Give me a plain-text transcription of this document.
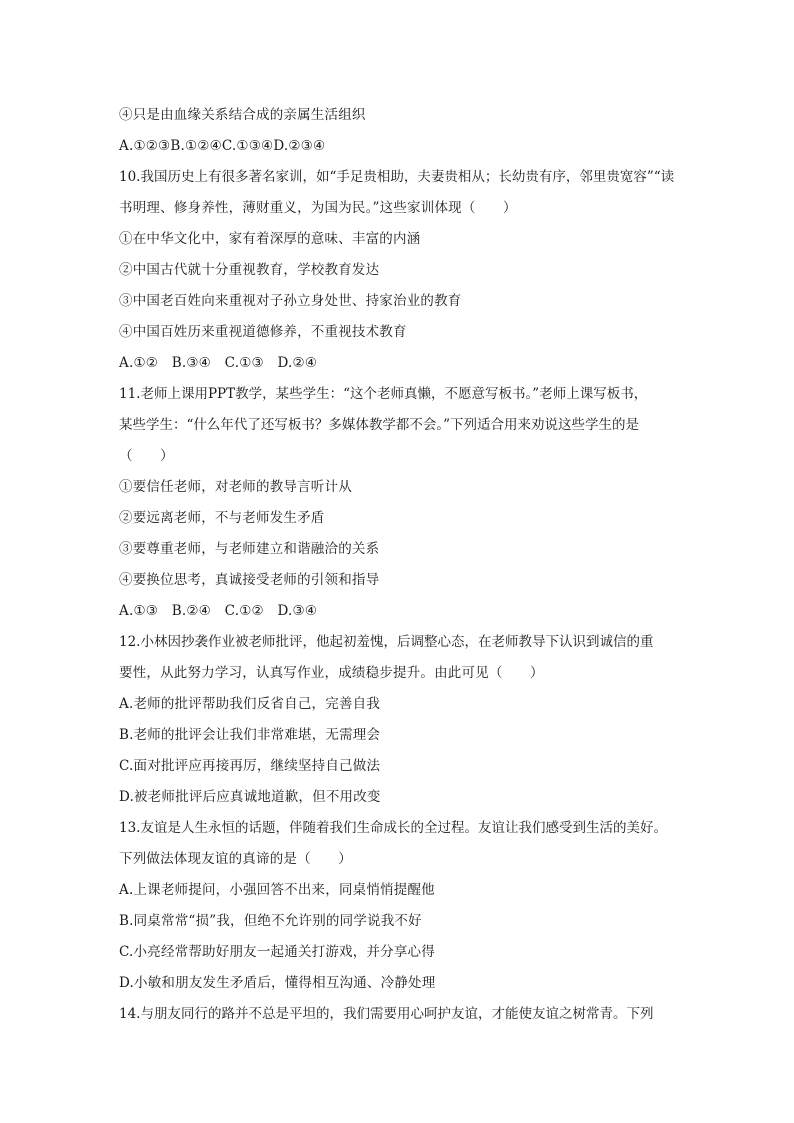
④只是由血缘关系结合成的亲属生活组织
A.①②③B.①②④C.①③④D.②③④
10.我国历史上有很多著名家训，如“手足贵相助，夫妻贵相从；长幼贵有序，邻里贵宽容”“读
书明理、修身养性，薄财重义，为国为民。”这些家训体现（　　）
①在中华文化中，家有着深厚的意味、丰富的内涵
②中国古代就十分重视教育，学校教育发达
③中国老百姓向来重视对子孙立身处世、持家治业的教育
④中国百姓历来重视道德修养，不重视技术教育
A.①②　B.③④　C.①③　D.②④
11.老师上课用PPT教学，某些学生：“这个老师真懒，不愿意写板书。”老师上课写板书，
某些学生：“什么年代了还写板书？多媒体教学都不会。”下列适合用来劝说这些学生的是
（　　）
①要信任老师，对老师的教导言听计从
②要远离老师，不与老师发生矛盾
③要尊重老师，与老师建立和谐融洽的关系
④要换位思考，真诚接受老师的引领和指导
A.①③　B.②④　C.①②　D.③④
12.小林因抄袭作业被老师批评，他起初羞愧，后调整心态，在老师教导下认识到诚信的重
要性，从此努力学习，认真写作业，成绩稳步提升。由此可见（　　）
A.老师的批评帮助我们反省自己，完善自我
B.老师的批评会让我们非常难堪，无需理会
C.面对批评应再接再厉，继续坚持自己做法
D.被老师批评后应真诚地道歉，但不用改变
13.友谊是人生永恒的话题，伴随着我们生命成长的全过程。友谊让我们感受到生活的美好。
下列做法体现友谊的真谛的是（　　）
A.上课老师提问，小强回答不出来，同桌悄悄提醒他
B.同桌常常“损”我，但绝不允许别的同学说我不好
C.小亮经常帮助好朋友一起通关打游戏，并分享心得
D.小敏和朋友发生矛盾后，懂得相互沟通、冷静处理
14.与朋友同行的路并不总是平坦的，我们需要用心呵护友谊，才能使友谊之树常青。下列
